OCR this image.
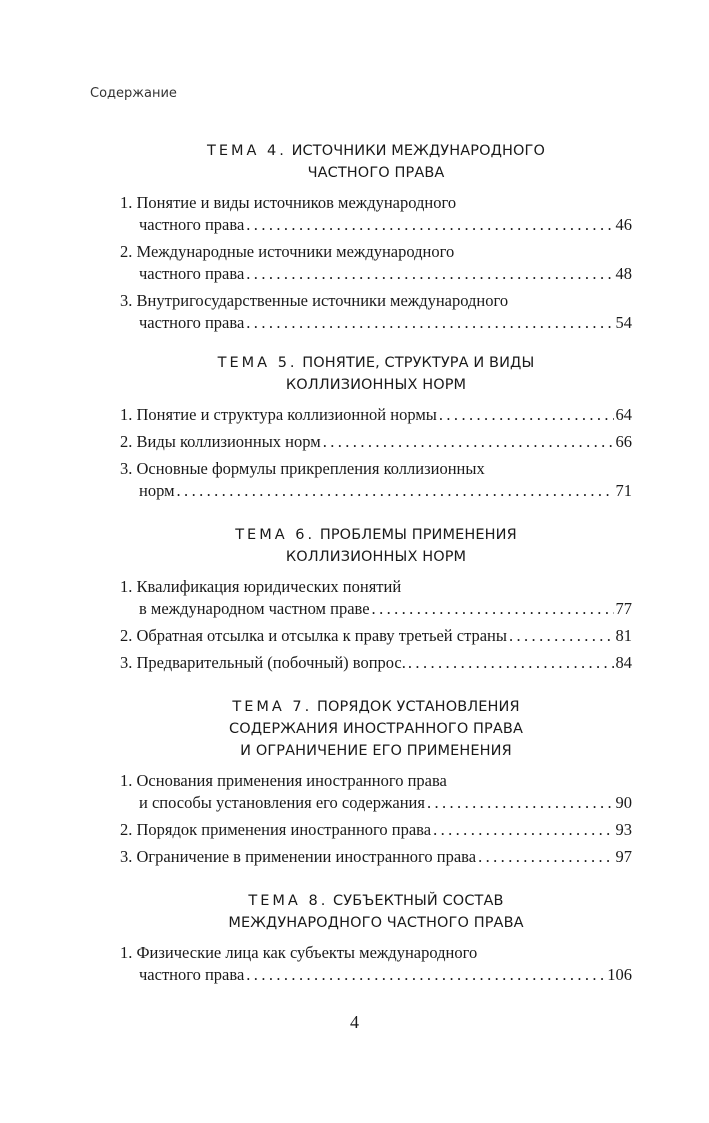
Содержание
ТЕМА 4. ИСТОЧНИКИ МЕЖДУНАРОДНОГО
ЧАСТНОГО ПРАВА
1. Понятие и виды источников международного
частного права .....	46
2. Международные источники международного
частного права .....	48
3. Внутригосударственные источники международного
частного права .....	54
ТЕМА 5. ПОНЯТИЕ, СТРУКТУРА И ВИДЫ
КОЛЛИЗИОННЫХ НОРМ
1. Понятие и структура коллизионной нормы .....	64
2. Виды коллизионных норм .....	66
3. Основные формулы прикрепления коллизионных
норм .....	71
ТЕМА 6. ПРОБЛЕМЫ ПРИМЕНЕНИЯ
КОЛЛИЗИОННЫХ НОРМ
1. Квалификация юридических понятий
в международном частном праве .....	77
2. Обратная отсылка и отсылка к праву третьей страны .....	81
3. Предварительный (побочный) вопрос. .....	84
ТЕМА 7. ПОРЯДОК УСТАНОВЛЕНИЯ
СОДЕРЖАНИЯ ИНОСТРАННОГО ПРАВА
И ОГРАНИЧЕНИЕ ЕГО ПРИМЕНЕНИЯ
1. Основания применения иностранного права
и способы установления его содержания .....	90
2. Порядок применения иностранного права .....	93
3. Ограничение в применении иностранного права .....	97
ТЕМА 8. СУБЪЕКТНЫЙ СОСТАВ
МЕЖДУНАРОДНОГО ЧАСТНОГО ПРАВА
1. Физические лица как субъекты международного
частного права .....	106
4
